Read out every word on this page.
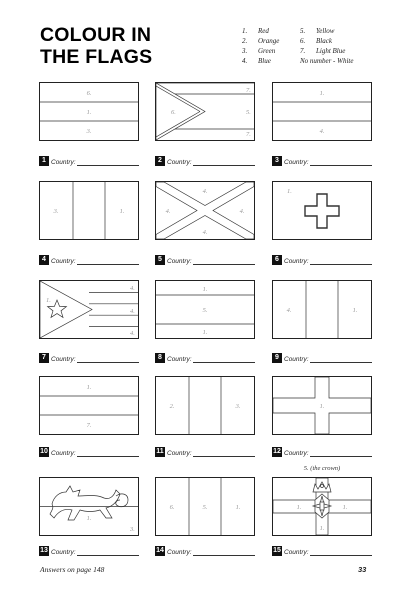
COLOUR IN
THE FLAGS
1.	Red
2.	Orange
3.	Green
4.	Blue
5.	Yellow
6.	Black
7.	Light Blue
No number - White
6.
1.
3.
6.
7.
5.
7.
1.
4.
1 Country:	2 Country:	3 Country:
3.	1.
4.
4.	4.
4.
1.
4 Country:	5 Country:	6 Country:
1.
4.
4.
4.
1.
5.
1.
4.	1.
7 Country:	8 Country:	9 Country:
1.
7.
2.	3.	1.
10 Country:	11 Country:	12 Country:
5. (the crown)
1.
3.
6.	5.	1.	1.	1.
1.
13 Country:	14 Country:	15 Country:
Answers on page 148	33
